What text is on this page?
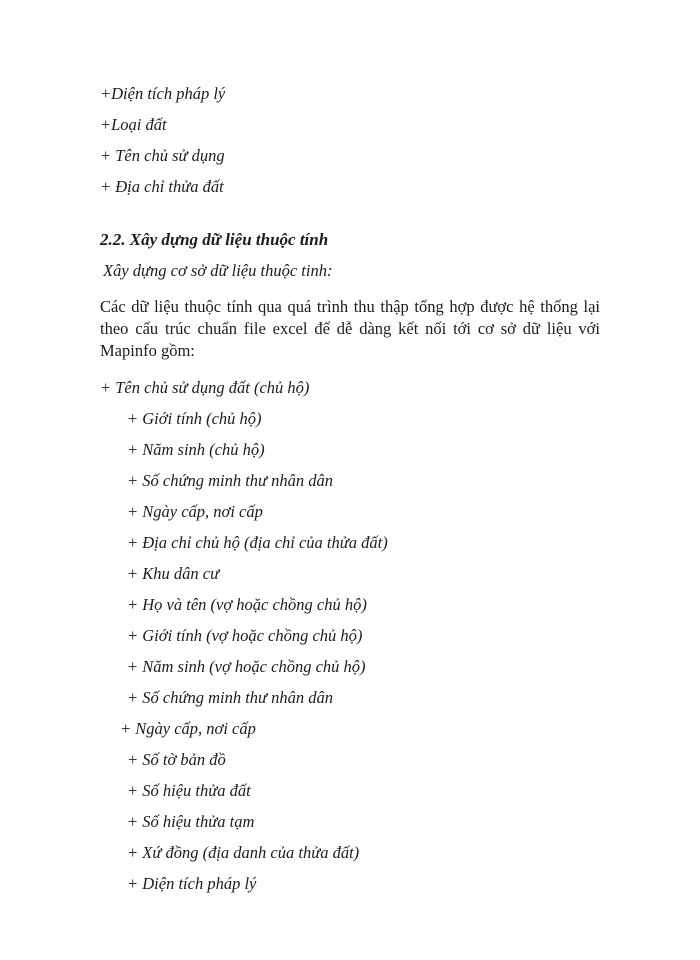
+Diện tích pháp lý
+Loại đất
+ Tên chủ sử dụng
+ Địa chỉ thửa đất
2.2. Xây dựng dữ liệu thuộc tính
Xây dựng cơ sở dữ liệu thuộc tinh:

Các dữ liệu thuộc tính qua quá trình thu thập tổng hợp được hệ thống lại theo cấu trúc chuẩn file excel để dễ dàng kết nối tới cơ sở dữ liệu với Mapinfo gồm:

+ Tên chủ sử dụng đất (chủ hộ)
+ Giới tính (chủ hộ)
+ Năm sinh (chủ hộ)
+ Số chứng minh thư nhân dân
+ Ngày cấp, nơi cấp
+ Địa chỉ chủ hộ (địa chỉ của thửa đất)
+ Khu dân cư
+ Họ và tên (vợ hoặc chồng chủ hộ)
+ Giới tính (vợ hoặc chồng chủ hộ)
+ Năm sinh (vợ hoặc chồng chủ hộ)
+ Số chứng minh thư nhân dân
+ Ngày cấp, nơi cấp
+ Số tờ bản đồ
+ Số hiệu thửa đất
+ Số hiệu thửa tạm
+ Xứ đồng (địa danh của thửa đất)
+ Diện tích pháp lý
